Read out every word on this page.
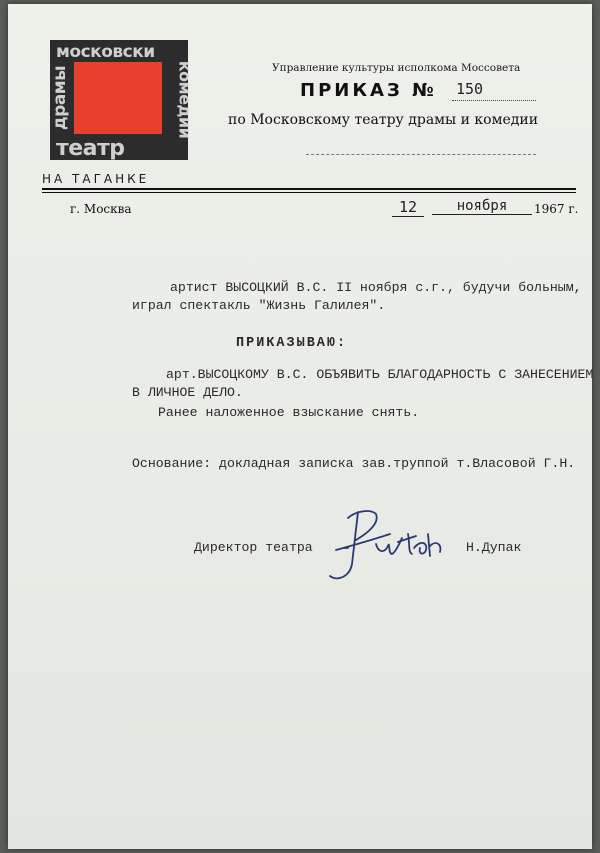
московски
драмы	комедии
театр
НА ТАГАНКЕ
Управление культуры исполкома Моссовета
ПРИКАЗ № 150
по Московскому театру драмы и комедии
г. Москва	12	ноября	1967 г.
артист ВЫСОЦКИЙ В.С. II ноября с.г., будучи больным,
играл спектакль "Жизнь Галилея".
ПРИКАЗЫВАЮ:
арт.ВЫСОЦКОМУ В.С. ОБЪЯВИТЬ БЛАГОДАРНОСТЬ С ЗАНЕСЕНИЕМ
В ЛИЧНОЕ ДЕЛО.
Ранее наложенное взыскание снять.
Основание: докладная записка зав.труппой т.Власовой Г.Н.
Директор театра	Н.Дупак
